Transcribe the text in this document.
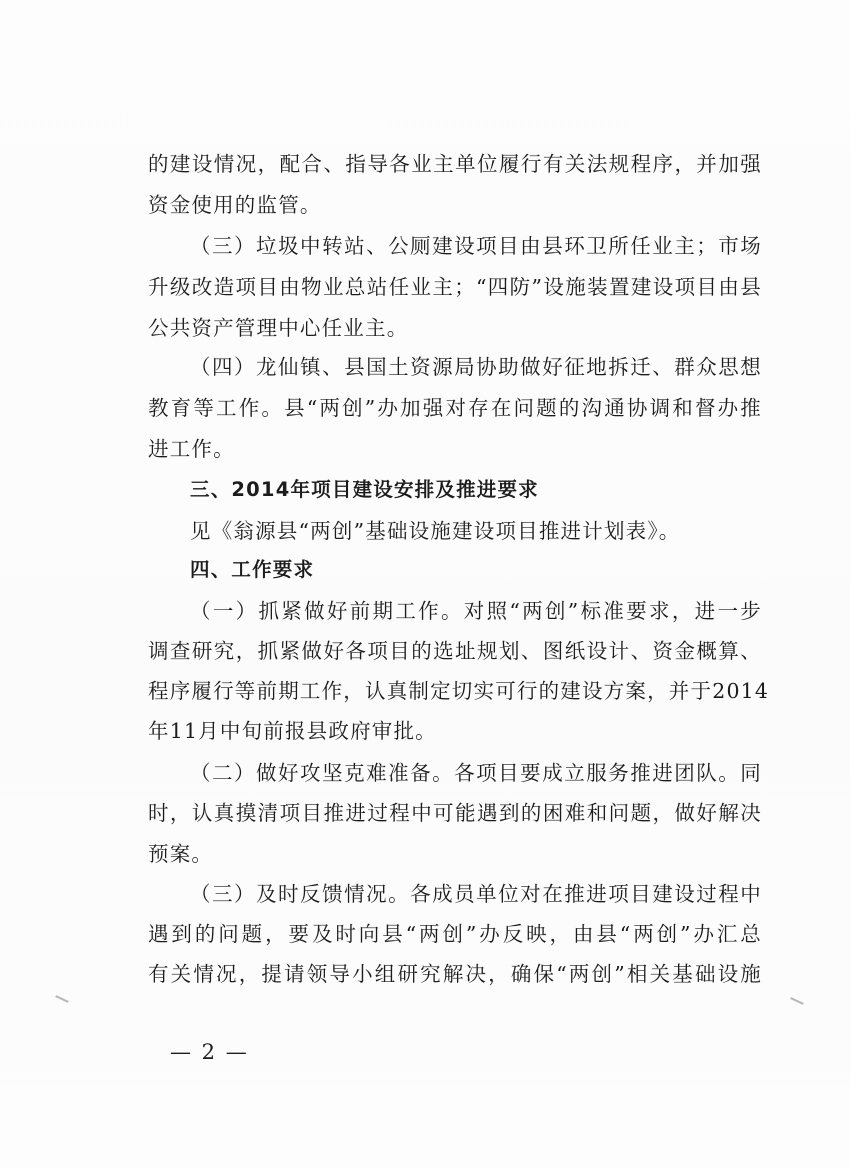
的建设情况，配合、指导各业主单位履行有关法规程序，并加强
资金使用的监管。
（三）垃圾中转站、公厕建设项目由县环卫所任业主；市场
升级改造项目由物业总站任业主；“四防”设施装置建设项目由县
公共资产管理中心任业主。
（四）龙仙镇、县国土资源局协助做好征地拆迁、群众思想
教育等工作。县“两创”办加强对存在问题的沟通协调和督办推
进工作。
三、2014年项目建设安排及推进要求
见《翁源县“两创”基础设施建设项目推进计划表》。
四、工作要求
（一）抓紧做好前期工作。对照“两创”标准要求，进一步
调查研究，抓紧做好各项目的选址规划、图纸设计、资金概算、
程序履行等前期工作，认真制定切实可行的建设方案，并于2014
年11月中旬前报县政府审批。
（二）做好攻坚克难准备。各项目要成立服务推进团队。同
时，认真摸清项目推进过程中可能遇到的困难和问题，做好解决
预案。
（三）及时反馈情况。各成员单位对在推进项目建设过程中
遇到的问题，要及时向县“两创”办反映，由县“两创”办汇总
有关情况，提请领导小组研究解决，确保“两创”相关基础设施
— 2 —
